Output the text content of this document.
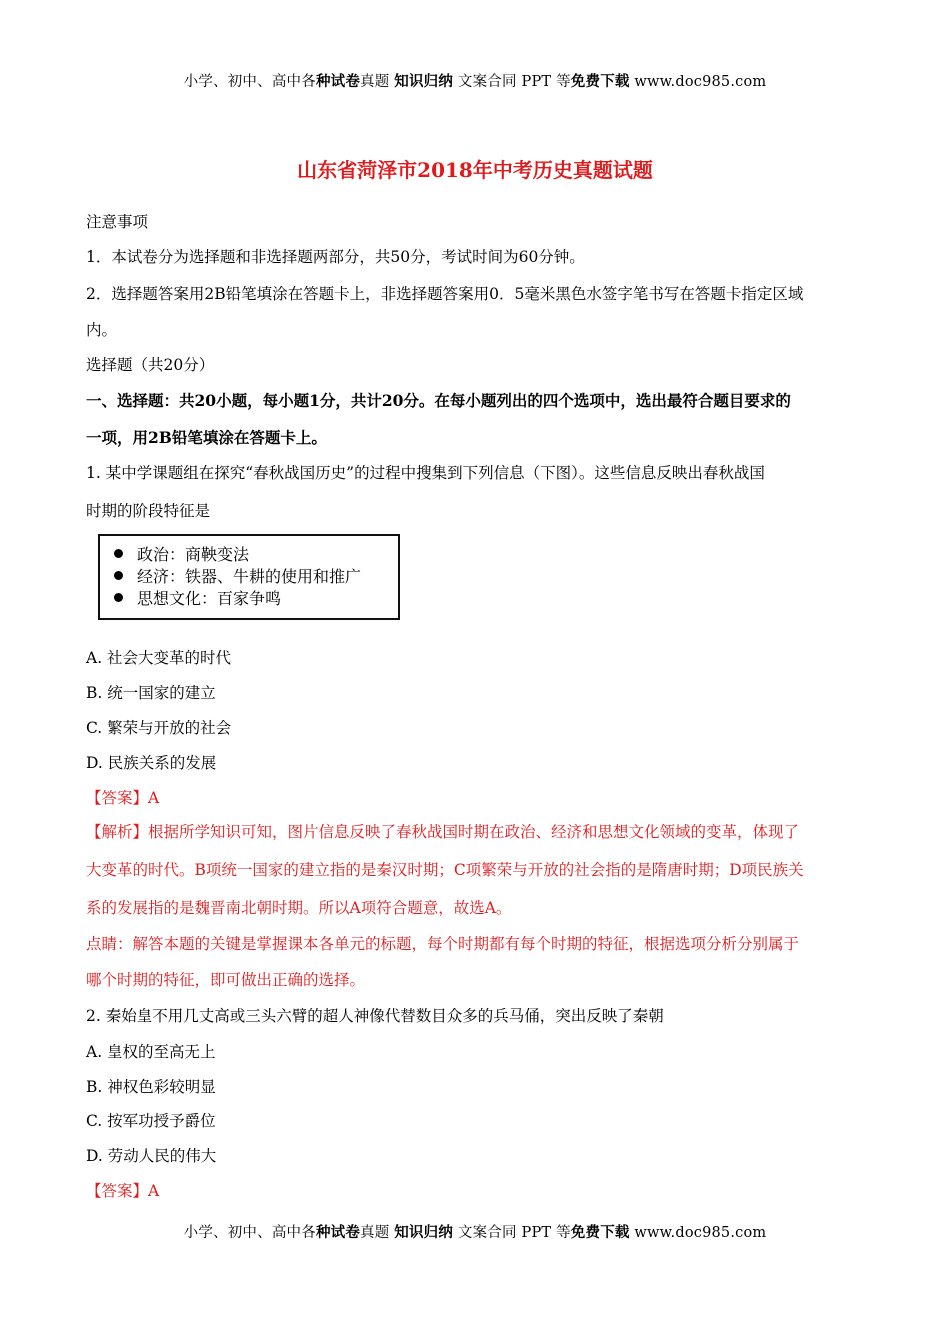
小学、初中、高中各种试卷真题 知识归纳 文案合同 PPT 等免费下载 www.doc985.com
山东省菏泽市2018年中考历史真题试题
注意事项
1．本试卷分为选择题和非选择题两部分，共50分，考试时间为60分钟。
2．选择题答案用2B铅笔填涂在答题卡上，非选择题答案用0．5毫米黑色水签字笔书写在答题卡指定区域
内。
选择题（共20分）
一、选择题：共20小题，每小题1分，共计20分。在每小题列出的四个选项中，选出最符合题目要求的
一项，用2B铅笔填涂在答题卡上。
1. 某中学课题组在探究“春秋战国历史”的过程中搜集到下列信息（下图）。这些信息反映出春秋战国
时期的阶段特征是
政治：商鞅变法
经济：铁器、牛耕的使用和推广
思想文化：百家争鸣
A. 社会大变革的时代
B. 统一国家的建立
C. 繁荣与开放的社会
D. 民族关系的发展
【答案】A
【解析】根据所学知识可知，图片信息反映了春秋战国时期在政治、经济和思想文化领域的变革，体现了
大变革的时代。B项统一国家的建立指的是秦汉时期；C项繁荣与开放的社会指的是隋唐时期；D项民族关
系的发展指的是魏晋南北朝时期。所以A项符合题意，故选A。
点睛：解答本题的关键是掌握课本各单元的标题，每个时期都有每个时期的特征，根据选项分析分别属于
哪个时期的特征，即可做出正确的选择。
2. 秦始皇不用几丈高或三头六臂的超人神像代替数目众多的兵马俑，突出反映了秦朝
A. 皇权的至高无上
B. 神权色彩较明显
C. 按军功授予爵位
D. 劳动人民的伟大
【答案】A
小学、初中、高中各种试卷真题 知识归纳 文案合同 PPT 等免费下载 www.doc985.com
